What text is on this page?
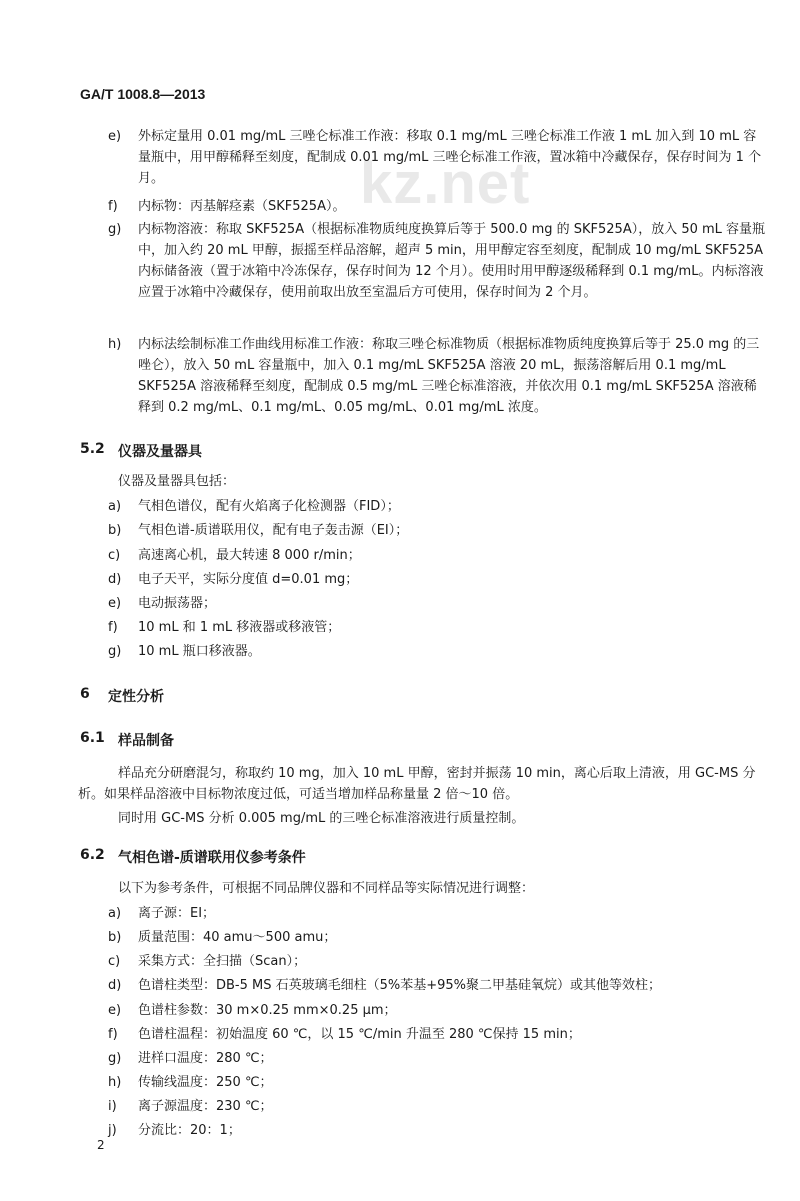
kz.net
GA/T 1008.8—2013
e) 外标定量用 0.01 mg/mL 三唑仑标准工作液：移取 0.1 mg/mL 三唑仑标准工作液 1 mL 加入到 10 mL 容量瓶中，用甲醇稀释至刻度，配制成 0.01 mg/mL 三唑仑标准工作液，置冰箱中冷藏保存，保存时间为 1 个月。
f) 内标物：丙基解痉素（SKF525A）。
g) 内标物溶液：称取 SKF525A（根据标准物质纯度换算后等于 500.0 mg 的 SKF525A），放入 50 mL 容量瓶中，加入约 20 mL 甲醇，振摇至样品溶解，超声 5 min，用甲醇定容至刻度，配制成 10 mg/mL SKF525A 内标储备液（置于冰箱中冷冻保存，保存时间为 12 个月）。使用时用甲醇逐级稀释到 0.1 mg/mL。内标溶液应置于冰箱中冷藏保存，使用前取出放至室温后方可使用，保存时间为 2 个月。
h) 内标法绘制标准工作曲线用标准工作液：称取三唑仑标准物质（根据标准物质纯度换算后等于 25.0 mg 的三唑仑），放入 50 mL 容量瓶中，加入 0.1 mg/mL SKF525A 溶液 20 mL，振荡溶解后用 0.1 mg/mL SKF525A 溶液稀释至刻度，配制成 0.5 mg/mL 三唑仑标准溶液，并依次用 0.1 mg/mL SKF525A 溶液稀释到 0.2 mg/mL、0.1 mg/mL、0.05 mg/mL、0.01 mg/mL 浓度。
5.2 仪器及量器具
仪器及量器具包括：
a) 气相色谱仪，配有火焰离子化检测器（FID）；
b) 气相色谱-质谱联用仪，配有电子轰击源（EI）；
c) 高速离心机，最大转速 8 000 r/min；
d) 电子天平，实际分度值 d=0.01 mg；
e) 电动振荡器；
f) 10 mL 和 1 mL 移液器或移液管；
g) 10 mL 瓶口移液器。
6 定性分析
6.1 样品制备
样品充分研磨混匀，称取约 10 mg，加入 10 mL 甲醇，密封并振荡 10 min，离心后取上清液，用 GC-MS 分析。如果样品溶液中目标物浓度过低，可适当增加样品称量量 2 倍～10 倍。
同时用 GC-MS 分析 0.005 mg/mL 的三唑仑标准溶液进行质量控制。
6.2 气相色谱-质谱联用仪参考条件
以下为参考条件，可根据不同品牌仪器和不同样品等实际情况进行调整：
a) 离子源：EI；
b) 质量范围：40 amu～500 amu；
c) 采集方式：全扫描（Scan）；
d) 色谱柱类型：DB-5 MS 石英玻璃毛细柱（5%苯基+95%聚二甲基硅氧烷）或其他等效柱；
e) 色谱柱参数：30 m×0.25 mm×0.25 μm；
f) 色谱柱温程：初始温度 60 ℃，以 15 ℃/min 升温至 280 ℃保持 15 min；
g) 进样口温度：280 ℃；
h) 传输线温度：250 ℃；
i) 离子源温度：230 ℃；
j) 分流比：20：1；
2
